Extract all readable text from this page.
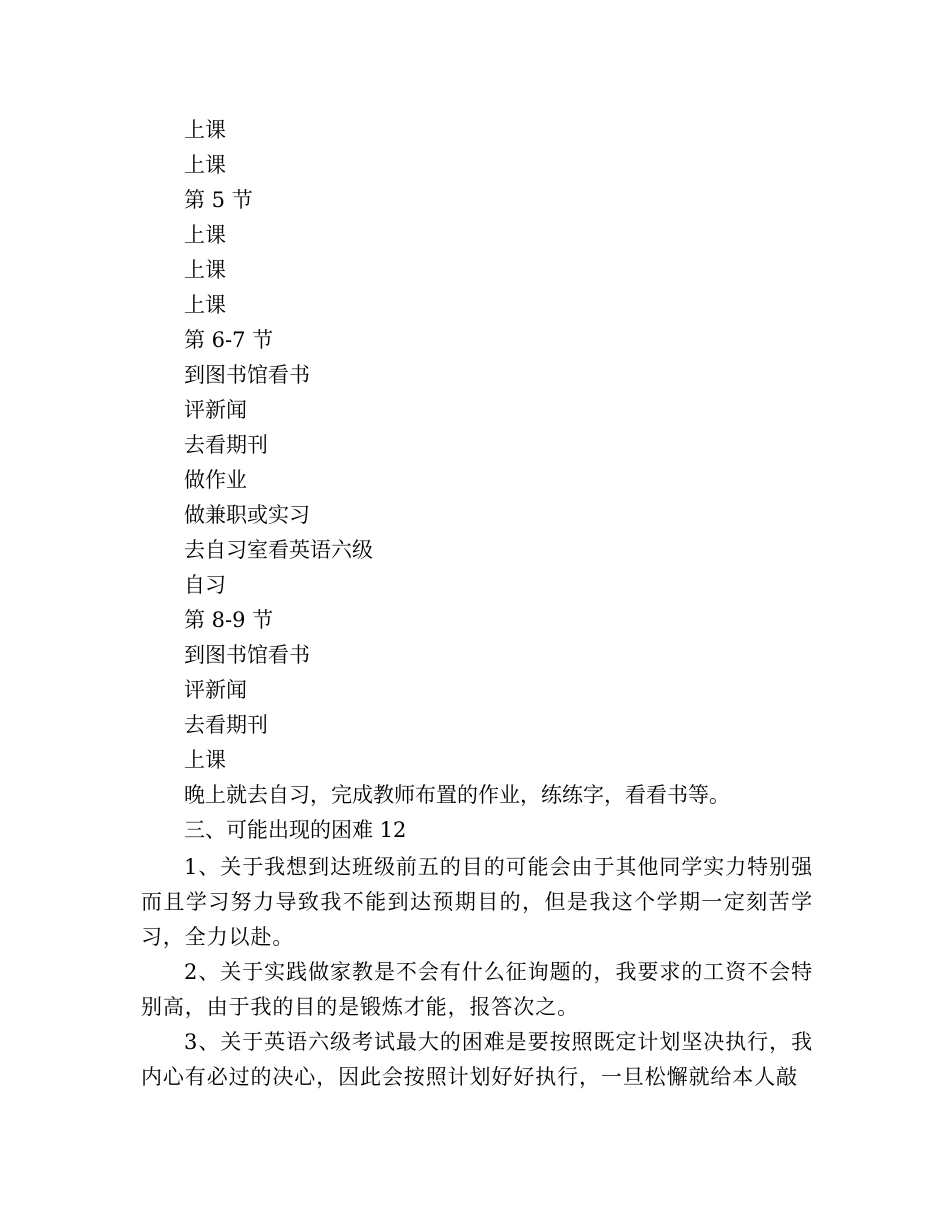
上课
上课
第 5 节
上课
上课
上课
第 6-7 节
到图书馆看书
评新闻
去看期刊
做作业
做兼职或实习
去自习室看英语六级
自习
第 8-9 节
到图书馆看书
评新闻
去看期刊
上课
晚上就去自习，完成教师布置的作业，练练字，看看书等。
三、可能出现的困难 12
1、关于我想到达班级前五的目的可能会由于其他同学实力特别强而且学习努力导致我不能到达预期目的，但是我这个学期一定刻苦学习，全力以赴。
2、关于实践做家教是不会有什么征询题的，我要求的工资不会特别高，由于我的目的是锻炼才能，报答次之。
3、关于英语六级考试最大的困难是要按照既定计划坚决执行，我内心有必过的决心，因此会按照计划好好执行，一旦松懈就给本人敲
